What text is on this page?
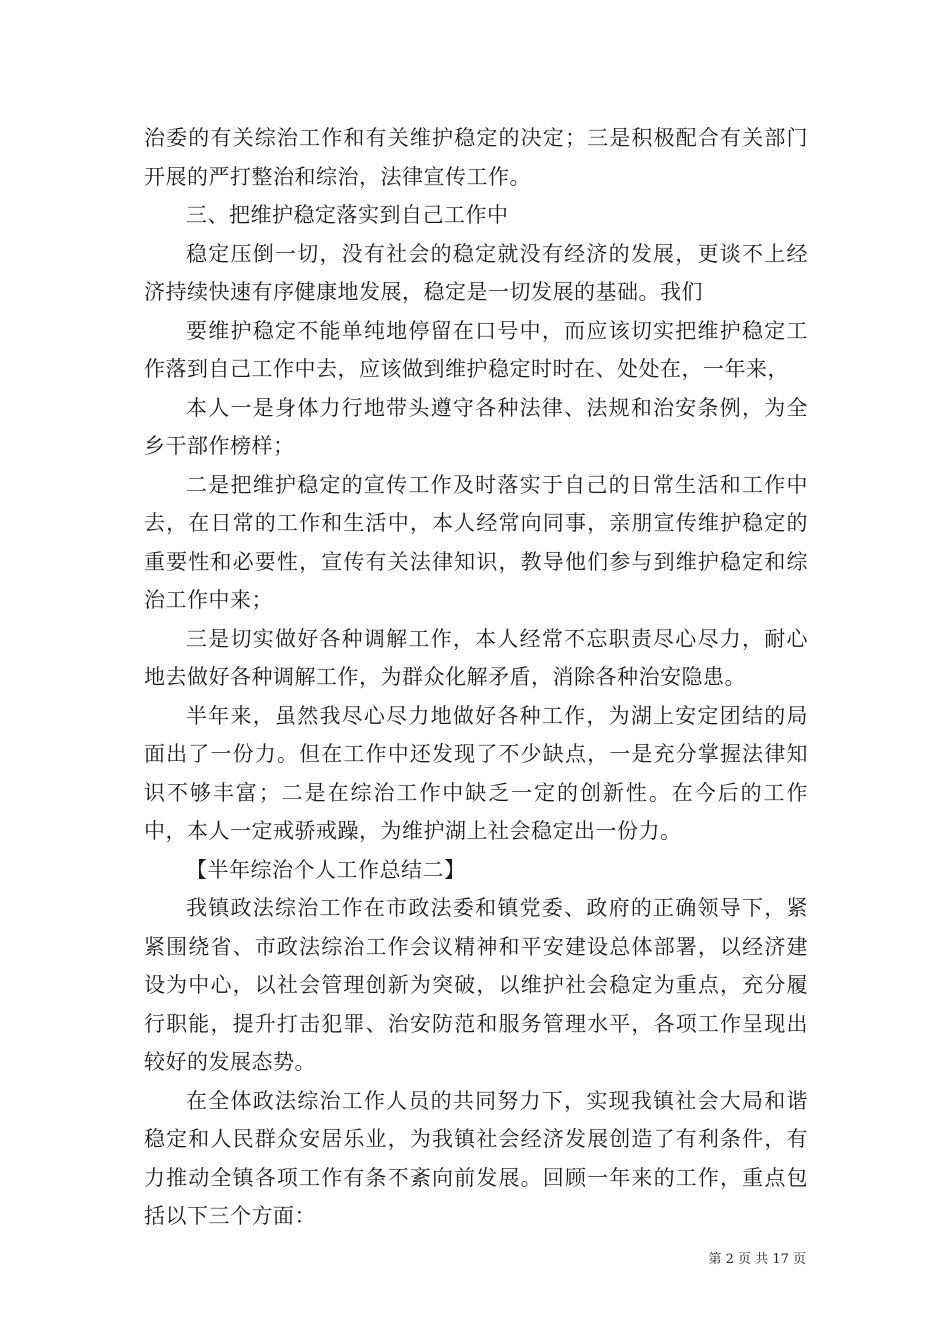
治委的有关综治工作和有关维护稳定的决定；三是积极配合有关部门开展的严打整治和综治，法律宣传工作。

三、把维护稳定落实到自己工作中

稳定压倒一切，没有社会的稳定就没有经济的发展，更谈不上经济持续快速有序健康地发展，稳定是一切发展的基础。我们

要维护稳定不能单纯地停留在口号中，而应该切实把维护稳定工作落到自己工作中去，应该做到维护稳定时时在、处处在，一年来，

本人一是身体力行地带头遵守各种法律、法规和治安条例，为全乡干部作榜样；

二是把维护稳定的宣传工作及时落实于自己的日常生活和工作中去，在日常的工作和生活中，本人经常向同事，亲朋宣传维护稳定的重要性和必要性，宣传有关法律知识，教导他们参与到维护稳定和综治工作中来；

三是切实做好各种调解工作，本人经常不忘职责尽心尽力，耐心地去做好各种调解工作，为群众化解矛盾，消除各种治安隐患。

半年来，虽然我尽心尽力地做好各种工作，为湖上安定团结的局面出了一份力。但在工作中还发现了不少缺点，一是充分掌握法律知识不够丰富；二是在综治工作中缺乏一定的创新性。在今后的工作中，本人一定戒骄戒躁，为维护湖上社会稳定出一份力。

【半年综治个人工作总结二】

我镇政法综治工作在市政法委和镇党委、政府的正确领导下，紧紧围绕省、市政法综治工作会议精神和平安建设总体部署，以经济建设为中心，以社会管理创新为突破，以维护社会稳定为重点，充分履行职能，提升打击犯罪、治安防范和服务管理水平，各项工作呈现出较好的发展态势。

在全体政法综治工作人员的共同努力下，实现我镇社会大局和谐稳定和人民群众安居乐业，为我镇社会经济发展创造了有利条件，有力推动全镇各项工作有条不紊向前发展。回顾一年来的工作，重点包括以下三个方面：

第 2 页 共 17 页
